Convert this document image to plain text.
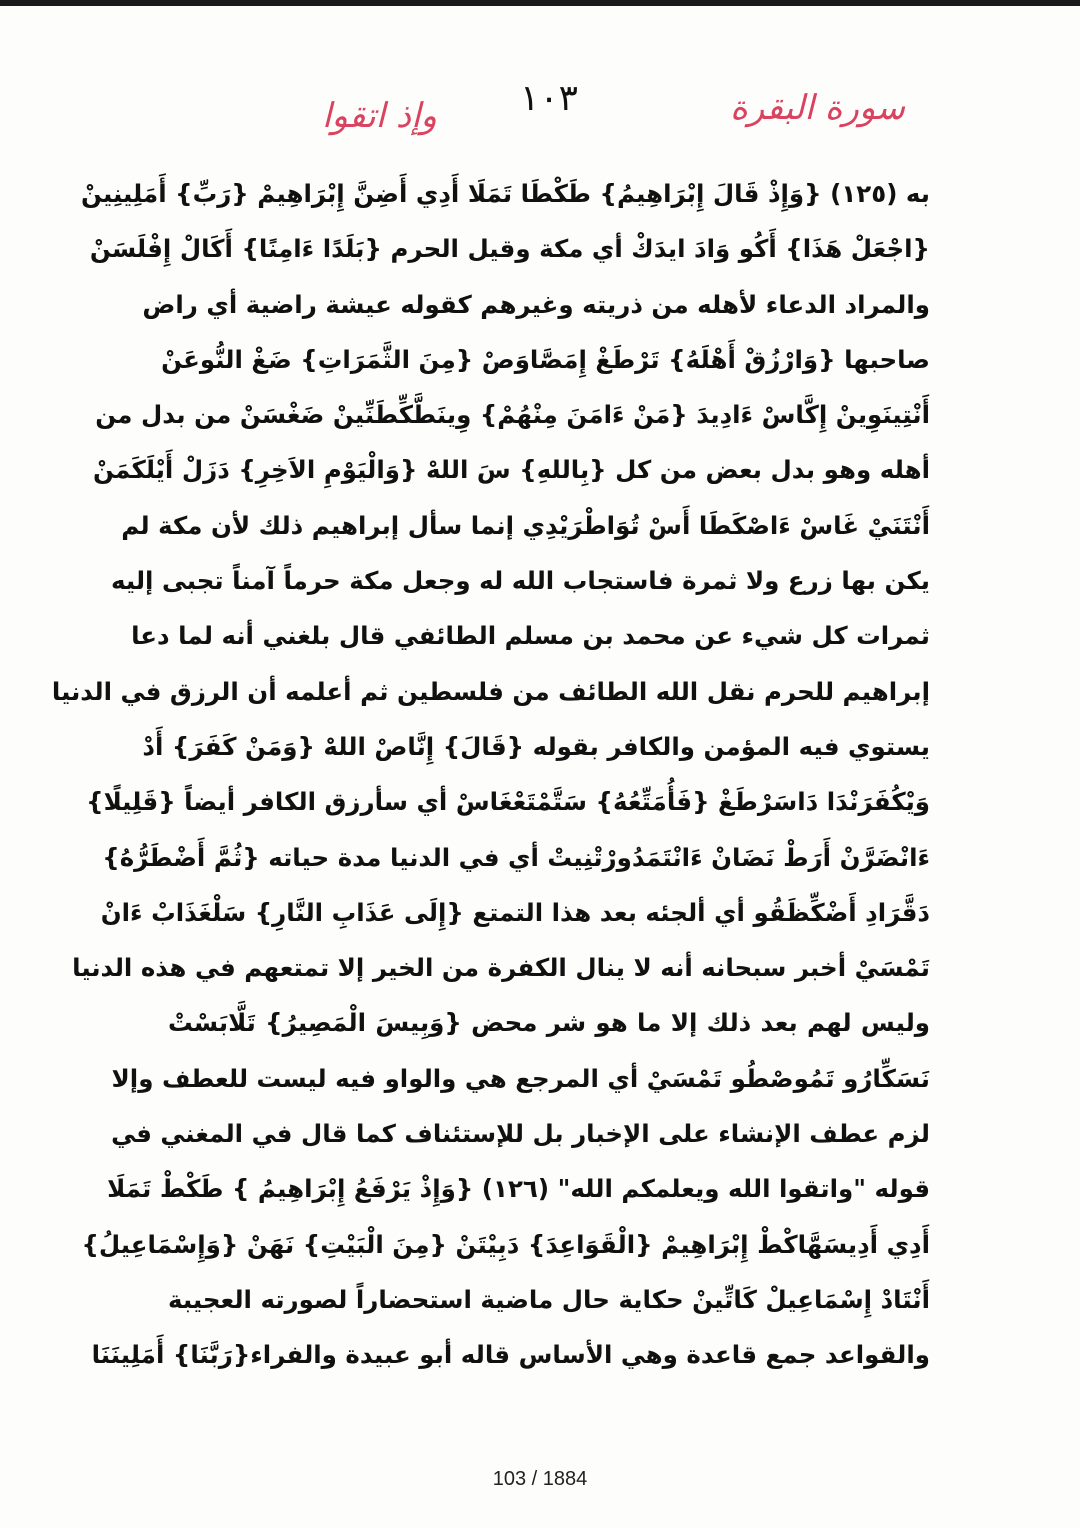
سورة البقرة
١٠٣
وإذ اتقوا
به (١٢٥) {وَإِذْ قَالَ إِبْرَاهِيمُ} طَكْطَا تَمَلَا أَدِي أَضِنَّ إِبْرَاهِيمْ {رَبِّ} أَمَلِينِينْ
{اجْعَلْ هَذَا} أَكُو وَادَ ايدَكْ أي مكة وقيل الحرم {بَلَدًا ءَامِنًا} أَكَالْ إِفْلَسَنْ
والمراد الدعاء لأهله من ذريته وغيرهم كقوله عيشة راضية أي راض
صاحبها {وَارْزُقْ أَهْلَهُ} تَرْطَغْ إِمَصَّاوَصْ {مِنَ الثَّمَرَاتِ} ضَغْ النُّوعَنْ
أَنْتِينَوِينْ إِكَّاسْ ءَادِيدَ {مَنْ ءَامَنَ مِنْهُمْ} وِينَطَّكِّطَنِّينْ ضَغْسَنْ من بدل من
أهله وهو بدل بعض من كل {بِاللهِ} سَ اللهْ {وَالْيَوْمِ الاَخِرِ} دَزَلْ أَيْلَكَمَنْ
أَنْتَنَيْ غَاسْ ءَاصْكَطَا أَسْ تُوَاطْرَيْدِي إنما سأل إبراهيم ذلك لأن مكة لم
يكن بها زرع ولا ثمرة فاستجاب الله له وجعل مكة حرماً آمناً تجبى إليه
ثمرات كل شيء عن محمد بن مسلم الطائفي قال بلغني أنه لما دعا
إبراهيم للحرم نقل الله الطائف من فلسطين ثم أعلمه أن الرزق في الدنيا
يستوي فيه المؤمن والكافر بقوله {قَالَ} إِنَّاصْ اللهْ {وَمَنْ كَفَرَ} أَدْ
وَيْكُفَرَنْدَا دَاسَرْطَغْ {فَأُمَتِّعُهُ} سَتَّمْتَعْغَاسْ أي سأرزق الكافر أيضاً {قَلِيلًا}
ءَانْضَرَّنْ أَرَطْ نَضَانْ ءَانْتَمَدُورْتْنِيتْ أي في الدنيا مدة حياته {ثُمَّ أَضْطَرُّهُ}
دَقَّرَادِ أَضْكِّظَقُو أي ألجئه بعد هذا التمتع {إِلَى عَذَابِ النَّارِ} سَلْغَذَابْ ءَانْ
تَمْسَيْ أخبر سبحانه أنه لا ينال الكفرة من الخير إلا تمتعهم في هذه الدنيا
وليس لهم بعد ذلك إلا ما هو شر محض {وَبِيسَ الْمَصِيرُ} تَلَّابَسْتْ
نَسَكِّارُو تَمُوصْطُو تَمْسَيْ أي المرجع هي والواو فيه ليست للعطف وإلا
لزم عطف الإنشاء على الإخبار بل للإستئناف كما قال في المغني في
قوله "واتقوا الله ويعلمكم الله" (١٢٦) {وَإِذْ يَرْفَعُ إِبْرَاهِيمُ } طَكْطْ تَمَلَا
أَدِي أَدِيسَهَّاكْطْ إِبْرَاهِيمْ {الْقَوَاعِدَ} دَبِيْتَنْ {مِنَ الْبَيْتِ} نَهَنْ {وَإِسْمَاعِيلُ}
أَنْتَادْ إِسْمَاعِيلْ كَاتِّينْ حكاية حال ماضية استحضاراً لصورته العجيبة
والقواعد جمع قاعدة وهي الأساس قاله أبو عبيدة والفراء{رَبَّنَا} أَمَلِينَنَا
103 / 1884
